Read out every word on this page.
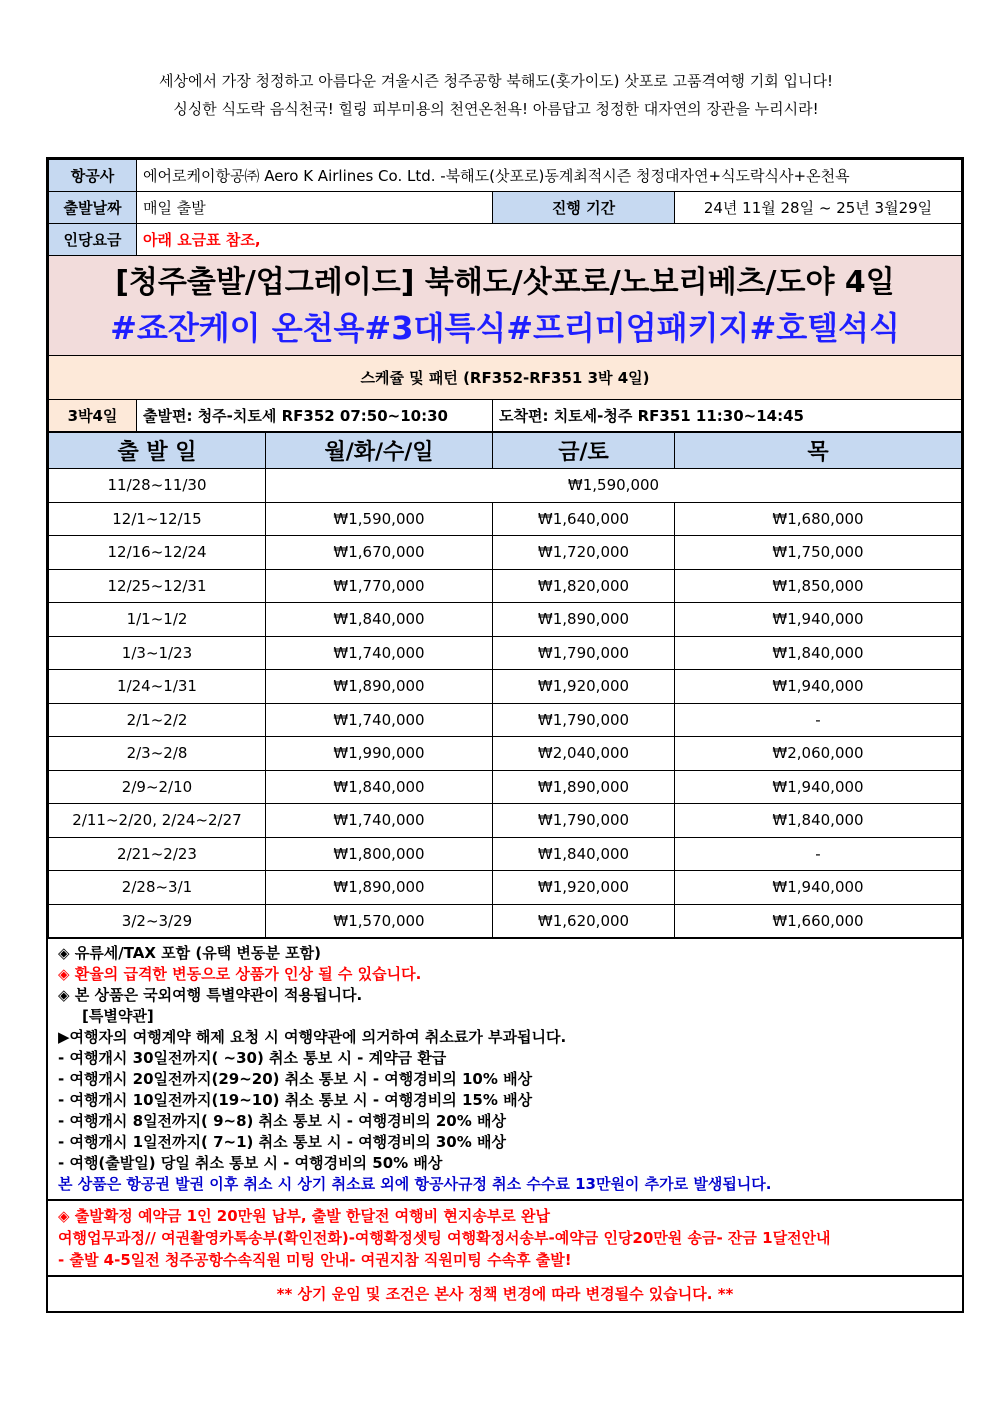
세상에서 가장 청정하고 아름다운 겨울시즌 청주공항 북해도(홋가이도) 삿포로 고품격여행 기회 입니다!
싱싱한 식도락 음식천국! 힐링 피부미용의 천연온천욕! 아름답고 청정한 대자연의 장관을 누리시라!
항공사	에어로케이항공㈜ Aero K Airlines Co. Ltd. -북해도(삿포로)동계최적시즌 청정대자연+식도락식사+온천욕		
출발날짜	매일 출발	진행 기간	24년 11월 28일 ~ 25년 3월29일
인당요금	아래 요금표 참조,		

[청주출발/업그레이드] 북해도/삿포로/노보리베츠/도야 4일
#죠잔케이 온천욕#3대특식#프리미엄패키지#호텔석식			

스케쥴 및 패턴 (RF352-RF351 3박 4일)			
3박4일	출발편: 청주-치토세 RF352 07:50~10:30	도착편: 치토세-청주 RF351 11:30~14:45	
출 발 일	월/화/수/일	금/토	목
11/28~11/30	₩1,590,000		
12/1~12/15	₩1,590,000	₩1,640,000	₩1,680,000
12/16~12/24	₩1,670,000	₩1,720,000	₩1,750,000
12/25~12/31	₩1,770,000	₩1,820,000	₩1,850,000
1/1~1/2	₩1,840,000	₩1,890,000	₩1,940,000
1/3~1/23	₩1,740,000	₩1,790,000	₩1,840,000
1/24~1/31	₩1,890,000	₩1,920,000	₩1,940,000
2/1~2/2	₩1,740,000	₩1,790,000	-
2/3~2/8	₩1,990,000	₩2,040,000	₩2,060,000
2/9~2/10	₩1,840,000	₩1,890,000	₩1,940,000
2/11~2/20, 2/24~2/27	₩1,740,000	₩1,790,000	₩1,840,000
2/21~2/23	₩1,800,000	₩1,840,000	-
2/28~3/1	₩1,890,000	₩1,920,000	₩1,940,000
3/2~3/29	₩1,570,000	₩1,620,000	₩1,660,000
◈ 유류세/TAX 포함 (유택 변동분 포함)
◈ 환율의 급격한 변동으로 상품가 인상 될 수 있습니다.
◈ 본 상품은 국외여행 특별약관이 적용됩니다.
[특별약관]
▶여행자의 여행계약 해제 요청 시 여행약관에 의거하여 취소료가 부과됩니다.
- 여행개시 30일전까지( ~30) 취소 통보 시 - 계약금 환급
- 여행개시 20일전까지(29~20) 취소 통보 시 - 여행경비의 10% 배상
- 여행개시 10일전까지(19~10) 취소 통보 시 - 여행경비의 15% 배상
- 여행개시 8일전까지( 9~8) 취소 통보 시 - 여행경비의 20% 배상
- 여행개시 1일전까지( 7~1) 취소 통보 시 - 여행경비의 30% 배상
- 여행(출발일) 당일 취소 통보 시 - 여행경비의 50% 배상
본 상품은 항공권 발권 이후 취소 시 상기 취소료 외에 항공사규정 취소 수수료 13만원이 추가로 발생됩니다.
◈ 출발확정 예약금 1인 20만원 납부, 출발 한달전 여행비 현지송부로 완납
여행업무과정// 여권촬영카톡송부(확인전화)-여행확정셋팅 여행확정서송부-예약금 인당20만원 송금- 잔금 1달전안내
- 출발 4-5일전 청주공항수속직원 미팅 안내- 여권지참 직원미팅 수속후 출발!
** 상기 운임 및 조건은 본사 정책 변경에 따라 변경될수 있습니다. **
